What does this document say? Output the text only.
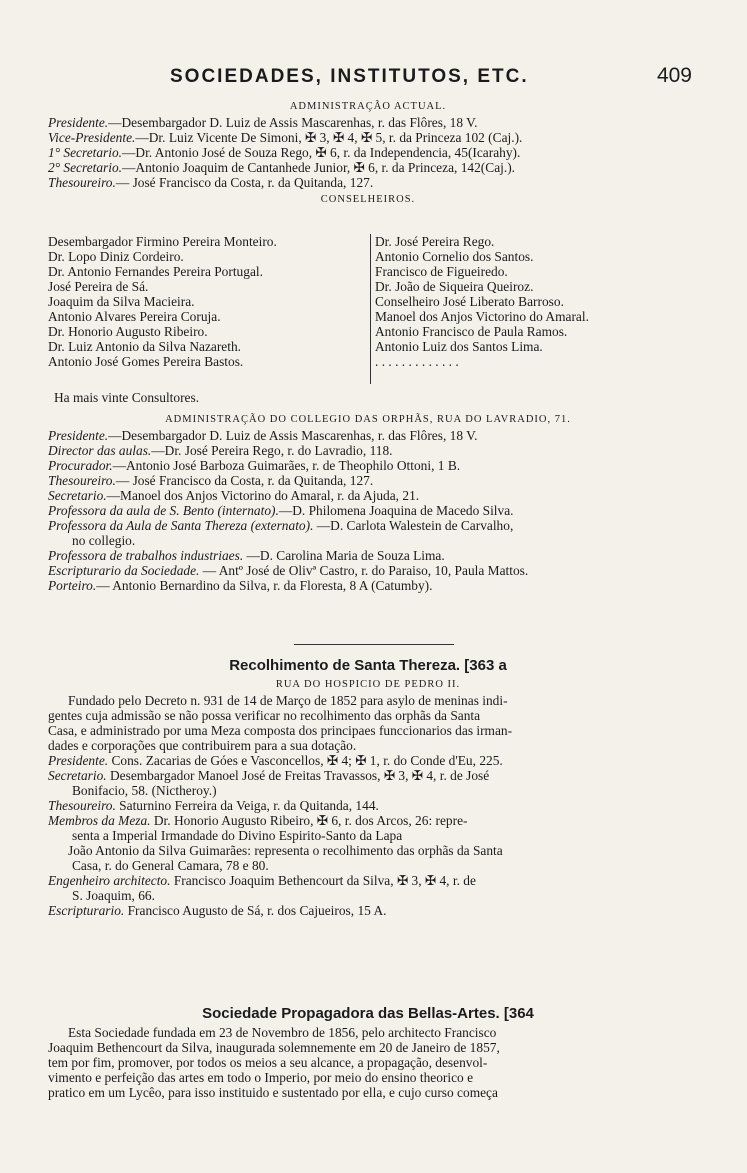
SOCIEDADES, INSTITUTOS, ETC.	409
ADMINISTRAÇÃO ACTUAL.
Presidente.—Desembargador D. Luiz de Assis Mascarenhas, r. das Flôres, 18 V.
Vice-Presidente.—Dr. Luiz Vicente De Simoni, ✠ 3, ✠ 4, ✠ 5, r. da Princeza 102 (Caj.).
1° Secretario.—Dr. Antonio José de Souza Rego, ✠ 6, r. da Independencia, 45(Icarahy).
2° Secretario.—Antonio Joaquim de Cantanhede Junior, ✠ 6, r. da Princeza, 142(Caj.).
Thesoureiro.— José Francisco da Costa, r. da Quitanda, 127.
CONSELHEIROS.
Desembargador Firmino Pereira Monteiro.
Dr. Lopo Diniz Cordeiro.
Dr. Antonio Fernandes Pereira Portugal.
José Pereira de Sá.
Joaquim da Silva Macieira.
Antonio Alvares Pereira Coruja.
Dr. Honorio Augusto Ribeiro.
Dr. Luiz Antonio da Silva Nazareth.
Antonio José Gomes Pereira Bastos.
Dr. José Pereira Rego.
Antonio Cornelio dos Santos.
Francisco de Figueiredo.
Dr. João de Siqueira Queiroz.
Conselheiro José Liberato Barroso.
Manoel dos Anjos Victorino do Amaral.
Antonio Francisco de Paula Ramos.
Antonio Luiz dos Santos Lima.
. . . . . . . . . . . . .
Ha mais vinte Consultores.
ADMINISTRAÇÃO DO COLLEGIO DAS ORPHÃS, RUA DO LAVRADIO, 71.
Presidente.—Desembargador D. Luiz de Assis Mascarenhas, r. das Flôres, 18 V.
Director das aulas.—Dr. José Pereira Rego, r. do Lavradio, 118.
Procurador.—Antonio José Barboza Guimarães, r. de Theophilo Ottoni, 1 B.
Thesoureiro.— José Francisco da Costa, r. da Quitanda, 127.
Secretario.—Manoel dos Anjos Victorino do Amaral, r. da Ajuda, 21.
Professora da aula de S. Bento (internato).—D. Philomena Joaquina de Macedo Silva.
Professora da Aula de Santa Thereza (externato). —D. Carlota Walestein de Carvalho,
no collegio.
Professora de trabalhos industriaes. —D. Carolina Maria de Souza Lima.
Escripturario da Sociedade. — Antº José de Olivª Castro, r. do Paraiso, 10, Paula Mattos.
Porteiro.— Antonio Bernardino da Silva, r. da Floresta, 8 A (Catumby).
Recolhimento de Santa Thereza. [363 a
RUA DO HOSPICIO DE PEDRO II.
Fundado pelo Decreto n. 931 de 14 de Março de 1852 para asylo de meninas indi-
gentes cuja admissão se não possa verificar no recolhimento das orphãs da Santa
Casa, e administrado por uma Meza composta dos principaes funccionarios das irman-
dades e corporações que contribuirem para a sua dotação.
Presidente. Cons. Zacarias de Góes e Vasconcellos, ✠ 4; ✠ 1, r. do Conde d'Eu, 225.
Secretario. Desembargador Manoel José de Freitas Travassos, ✠ 3, ✠ 4, r. de José
Bonifacio, 58. (Nictheroy.)
Thesoureiro. Saturnino Ferreira da Veiga, r. da Quitanda, 144.
Membros da Meza. Dr. Honorio Augusto Ribeiro, ✠ 6, r. dos Arcos, 26: repre-
senta a Imperial Irmandade do Divino Espirito-Santo da Lapa
João Antonio da Silva Guimarães: representa o recolhimento das orphãs da Santa
Casa, r. do General Camara, 78 e 80.
Engenheiro architecto. Francisco Joaquim Bethencourt da Silva, ✠ 3, ✠ 4, r. de
S. Joaquim, 66.
Escripturario. Francisco Augusto de Sá, r. dos Cajueiros, 15 A.
Sociedade Propagadora das Bellas-Artes. [364
Esta Sociedade fundada em 23 de Novembro de 1856, pelo architecto Francisco
Joaquim Bethencourt da Silva, inaugurada solemnemente em 20 de Janeiro de 1857,
tem por fim, promover, por todos os meios a seu alcance, a propagação, desenvol-
vimento e perfeição das artes em todo o Imperio, por meio do ensino theorico e
pratico em um Lycêo, para isso instituido e sustentado por ella, e cujo curso começa
